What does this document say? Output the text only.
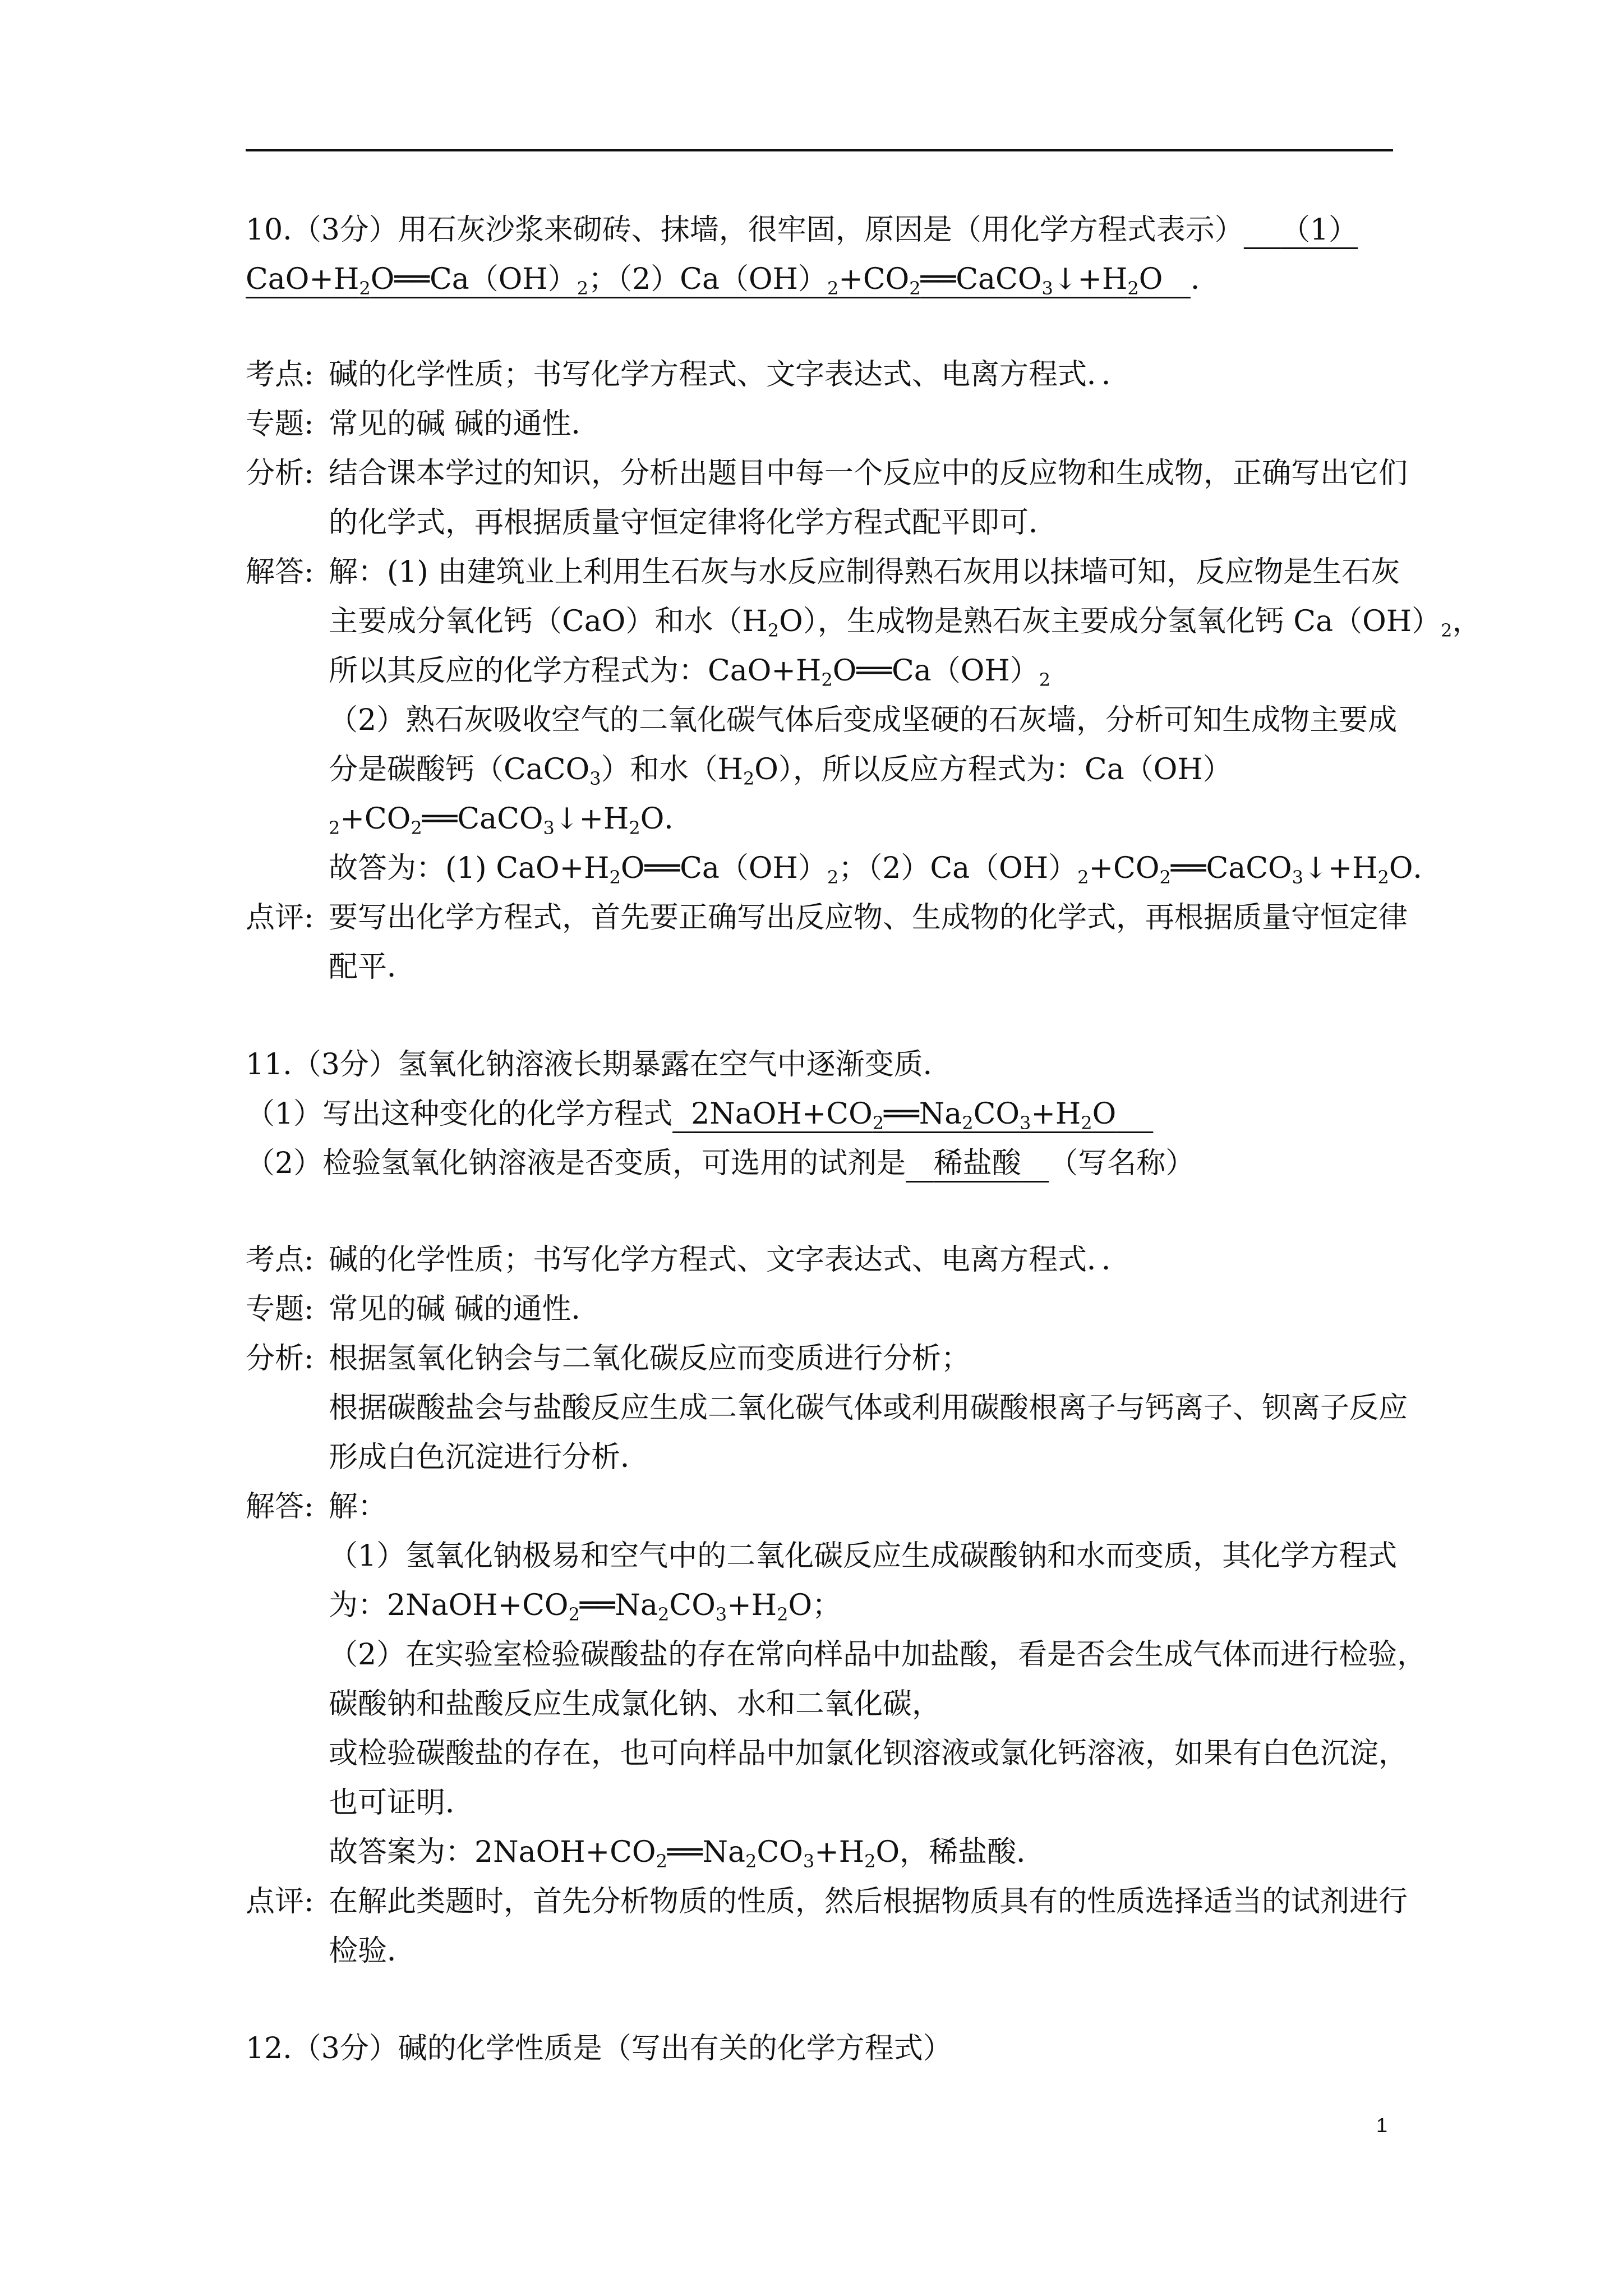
10.（3分）用石灰沙浆来砌砖、抹墙，很牢固，原因是（用化学方程式表示） （1）
$CaO+H_2O══Ca(OH)_2$；$(2)Ca(OH)_2+CO_2══CaCO_3↓+H_2O$ ．
考点: 碱的化学性质；书写化学方程式、文字表达式、电离方程式．．
专题: 常见的碱 碱的通性．
分析: 结合课本学过的知识，分析出题目中每一个反应中的反应物和生成物，正确写出它们
的化学式，再根据质量守恒定律将化学方程式配平即可．
解答: 解：(1) 由建筑业上利用生石灰与水反应制得熟石灰用以抹墙可知，反应物是生石灰
主要成分氧化钙（CaO）和水$(H_2O)$，生成物是熟石灰主要成分氢氧化钙 $Ca(OH)_2$，
所以其反应的化学方程式为：$CaO+H_2O══Ca(OH)_2$
（2）熟石灰吸收空气的二氧化碳气体后变成坚硬的石灰墙，分析可知生成物主要成
分是碳酸钙（CaCO$_3$）和水$(H_2O)$，所以反应方程式为：Ca（OH）
$_2+CO_2══CaCO_3↓+H_2O$．
故答为：(1) $CaO+H_2O══Ca(OH)_2$；$(2)Ca(OH)_2+CO_2══CaCO_3↓+H_2O$．
点评: 要写出化学方程式，首先要正确写出反应物、生成物的化学式，再根据质量守恒定律
配平．
11.（3分）氢氧化钠溶液长期暴露在空气中逐渐变质．
（1）写出这种变化的化学方程式 $2NaOH+CO_2══Na_2CO_3+H_2O$
（2）检验氢氧化钠溶液是否变质，可选用的试剂是 稀盐酸 （写名称）
考点: 碱的化学性质；书写化学方程式、文字表达式、电离方程式．．
专题: 常见的碱 碱的通性．
分析: 根据氢氧化钠会与二氧化碳反应而变质进行分析；
根据碳酸盐会与盐酸反应生成二氧化碳气体或利用碳酸根离子与钙离子、钡离子反应
形成白色沉淀进行分析．
解答: 解：
（1）氢氧化钠极易和空气中的二氧化碳反应生成碳酸钠和水而变质，其化学方程式
为：$2NaOH+CO_2══Na_2CO_3+H_2O$；
（2）在实验室检验碳酸盐的存在常向样品中加盐酸，看是否会生成气体而进行检验，
碳酸钠和盐酸反应生成氯化钠、水和二氧化碳，
或检验碳酸盐的存在，也可向样品中加氯化钡溶液或氯化钙溶液，如果有白色沉淀，
也可证明．
故答案为：$2NaOH+CO_2══Na_2CO_3+H_2O$，稀盐酸．
点评: 在解此类题时，首先分析物质的性质，然后根据物质具有的性质选择适当的试剂进行
检验．
12.（3分）碱的化学性质是（写出有关的化学方程式）
1
